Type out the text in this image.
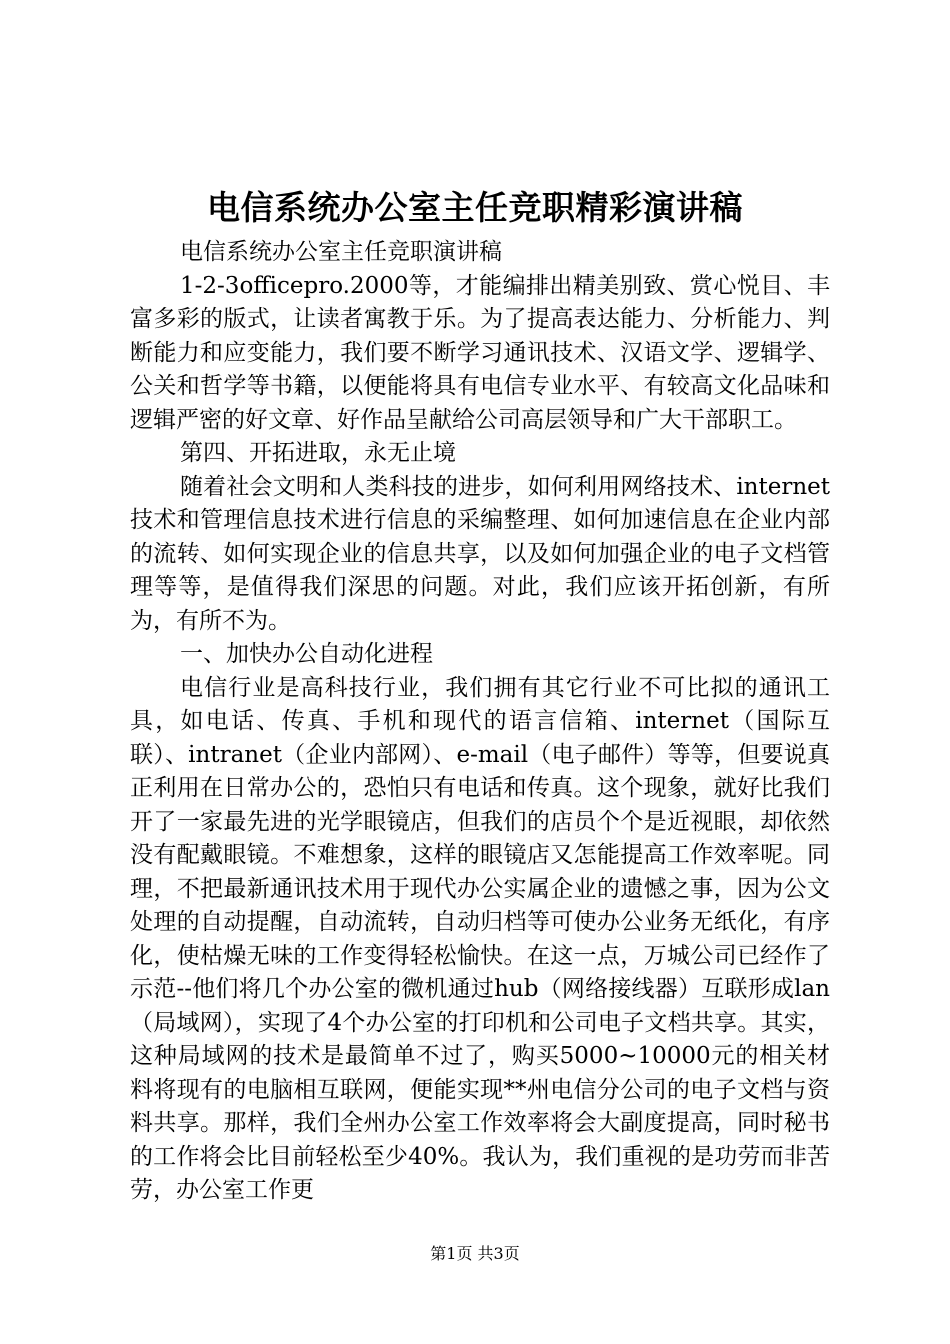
电信系统办公室主任竞职精彩演讲稿

电信系统办公室主任竞职演讲稿

1-2-3officepro.2000等，才能编排出精美别致、赏心悦目、丰富多彩的版式，让读者寓教于乐。为了提高表达能力、分析能力、判断能力和应变能力，我们要不断学习通讯技术、汉语文学、逻辑学、公关和哲学等书籍，以便能将具有电信专业水平、有较高文化品味和逻辑严密的好文章、好作品呈献给公司高层领导和广大干部职工。

第四、开拓进取，永无止境

随着社会文明和人类科技的进步，如何利用网络技术、internet技术和管理信息技术进行信息的采编整理、如何加速信息在企业内部的流转、如何实现企业的信息共享，以及如何加强企业的电子文档管理等等，是值得我们深思的问题。对此，我们应该开拓创新，有所为，有所不为。

一、加快办公自动化进程

电信行业是高科技行业，我们拥有其它行业不可比拟的通讯工具，如电话、传真、手机和现代的语言信箱、internet（国际互联）、intranet（企业内部网）、e-mail（电子邮件）等等，但要说真正利用在日常办公的，恐怕只有电话和传真。这个现象，就好比我们开了一家最先进的光学眼镜店，但我们的店员个个是近视眼，却依然没有配戴眼镜。不难想象，这样的眼镜店又怎能提高工作效率呢。同理，不把最新通讯技术用于现代办公实属企业的遗憾之事，因为公文处理的自动提醒，自动流转，自动归档等可使办公业务无纸化，有序化，使枯燥无味的工作变得轻松愉快。在这一点，万城公司已经作了示范--他们将几个办公室的微机通过hub（网络接线器）互联形成lan（局域网），实现了4个办公室的打印机和公司电子文档共享。其实，这种局域网的技术是最简单不过了，购买5000~10000元的相关材料将现有的电脑相互联网，便能实现**州电信分公司的电子文档与资料共享。那样，我们全州办公室工作效率将会大副度提高，同时秘书的工作将会比目前轻松至少40%。我认为，我们重视的是功劳而非苦劳，办公室工作更

第1页 共3页
